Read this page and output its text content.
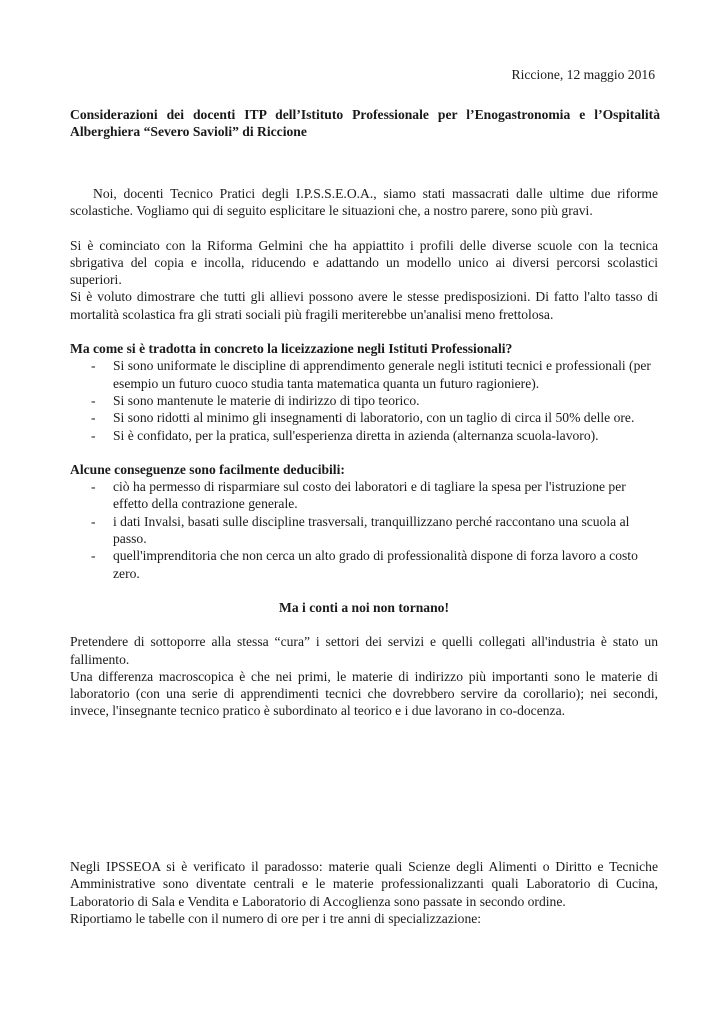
Riccione, 12 maggio 2016

Considerazioni dei docenti ITP dell’Istituto Professionale per l’Enogastronomia e l’Ospitalità Alberghiera “Severo Savioli” di Riccione

Noi, docenti Tecnico Pratici degli I.P.S.S.E.O.A., siamo stati massacrati dalle ultime due riforme scolastiche. Vogliamo qui di seguito esplicitare le situazioni che, a nostro parere, sono più gravi.

Si è cominciato con la Riforma Gelmini che ha appiattito i profili delle diverse scuole con la tecnica sbrigativa del copia e incolla, riducendo e adattando un modello unico ai diversi percorsi scolastici superiori.

Si è voluto dimostrare che tutti gli allievi possono avere le stesse predisposizioni. Di fatto l'alto tasso di mortalità scolastica fra gli strati sociali più fragili meriterebbe un'analisi meno frettolosa.

Ma come si è tradotta in concreto la liceizzazione negli Istituti Professionali?
- Si sono uniformate le discipline di apprendimento generale negli istituti tecnici e professionali (per esempio un futuro cuoco studia tanta matematica quanta un futuro ragioniere).
- Si sono mantenute le materie di indirizzo di tipo teorico.
- Si sono ridotti al minimo gli insegnamenti di laboratorio, con un taglio di circa il 50% delle ore.
- Si è confidato, per la pratica, sull'esperienza diretta in azienda (alternanza scuola-lavoro).
Alcune conseguenze sono facilmente deducibili:
- ciò ha permesso di risparmiare sul costo dei laboratori e di tagliare la spesa per l'istruzione per effetto della contrazione generale.
- i dati Invalsi, basati sulle discipline trasversali, tranquillizzano perché raccontano una scuola al passo.
- quell'imprenditoria che non cerca un alto grado di professionalità dispone di forza lavoro a costo zero.
Ma i conti a noi non tornano!

Pretendere di sottoporre alla stessa “cura” i settori dei servizi e quelli collegati all'industria è stato un fallimento.

Una differenza macroscopica è che nei primi, le materie di indirizzo più importanti sono le materie di laboratorio (con una serie di apprendimenti tecnici che dovrebbero servire da corollario); nei secondi, invece, l'insegnante tecnico pratico è subordinato al teorico e i due lavorano in co-docenza.

Negli IPSSEOA si è verificato il paradosso: materie quali Scienze degli Alimenti o Diritto e Tecniche Amministrative sono diventate centrali e le materie professionalizzanti quali Laboratorio di Cucina, Laboratorio di Sala e Vendita e Laboratorio di Accoglienza sono passate in secondo ordine.

Riportiamo le tabelle con il numero di ore per i tre anni di specializzazione:
